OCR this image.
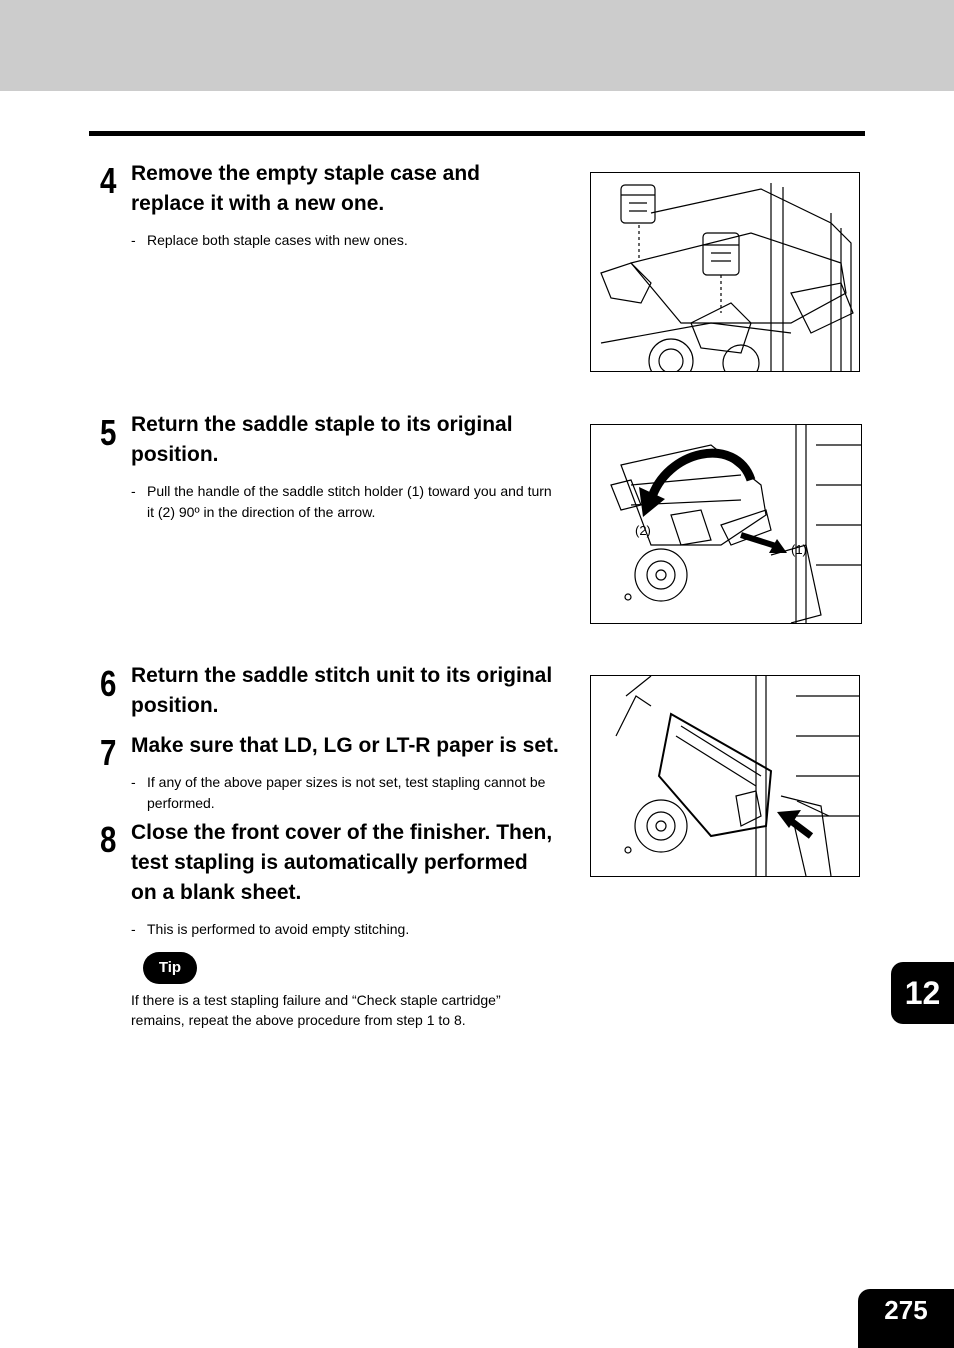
4 Remove the empty staple case and
replace it with a new one.
- Replace both staple cases with new ones.
5 Return the saddle staple to its original
position.
- Pull the handle of the saddle stitch holder (1) toward you and turn
it (2) 90º in the direction of the arrow.
6 Return the saddle stitch unit to its original
position.
7 Make sure that LD, LG or LT-R paper is set.
- If any of the above paper sizes is not set, test stapling cannot be
performed.
8 Close the front cover of the finisher. Then,
test stapling is automatically performed
on a blank sheet.
- This is performed to avoid empty stitching.
Tip
If there is a test stapling failure and “Check staple cartridge”
remains, repeat the above procedure from step 1 to 8.
(2)
(1)
12
275
